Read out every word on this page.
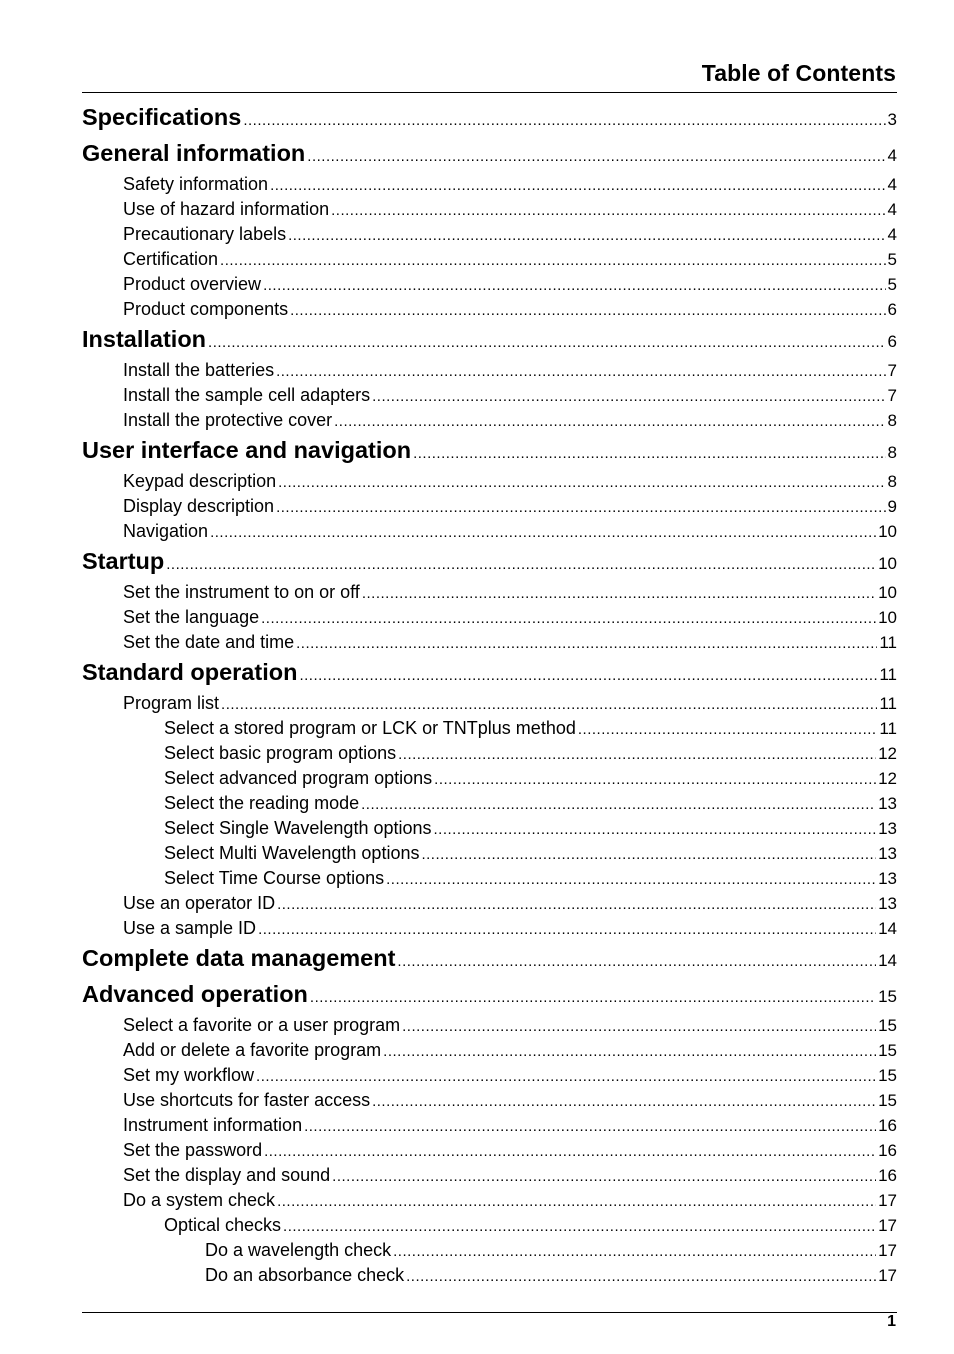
Table of Contents
Specifications .....	3
General information .....	4
Safety information .....	4
Use of hazard information .....	4
Precautionary labels .....	4
Certification .....	5
Product overview .....	5
Product components .....	6
Installation .....	6
Install the batteries .....	7
Install the sample cell adapters .....	7
Install the protective cover .....	8
User interface and navigation .....	8
Keypad description .....	8
Display description .....	9
Navigation .....	10
Startup .....	10
Set the instrument to on or off .....	10
Set the language .....	10
Set the date and time .....	11
Standard operation .....	11
Program list .....	11
Select a stored program or LCK or TNTplus method .....	11
Select basic program options .....	12
Select advanced program options .....	12
Select the reading mode .....	13
Select Single Wavelength options .....	13
Select Multi Wavelength options .....	13
Select Time Course options .....	13
Use an operator ID .....	13
Use a sample ID .....	14
Complete data management .....	14
Advanced operation .....	15
Select a favorite or a user program .....	15
Add or delete a favorite program .....	15
Set my workflow .....	15
Use shortcuts for faster access .....	15
Instrument information .....	16
Set the password .....	16
Set the display and sound .....	16
Do a system check .....	17
Optical checks .....	17
Do a wavelength check .....	17
Do an absorbance check .....	17
1
